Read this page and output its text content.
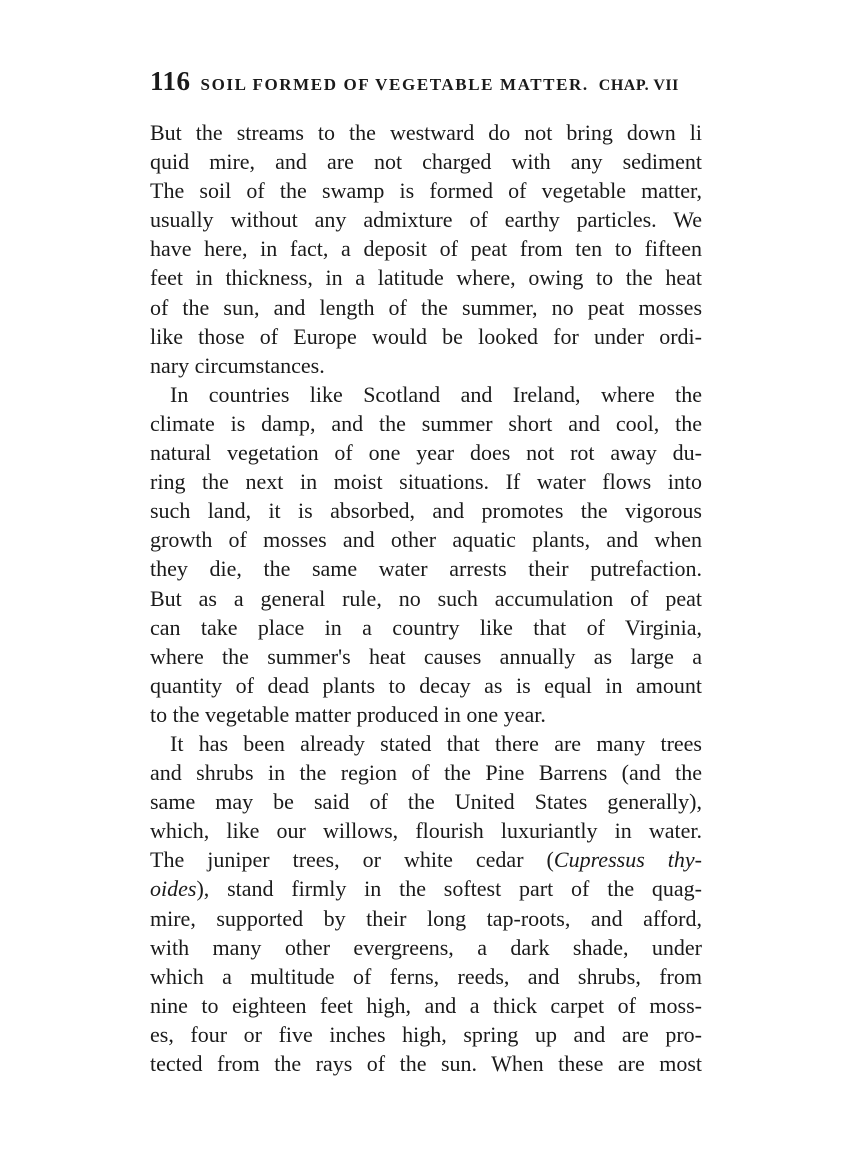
116 SOIL FORMED OF VEGETABLE MATTER. CHAP. VII
But the streams to the westward do not bring down li
quid mire, and are not charged with any sediment
The soil of the swamp is formed of vegetable matter,
usually without any admixture of earthy particles. We
have here, in fact, a deposit of peat from ten to fifteen
feet in thickness, in a latitude where, owing to the heat
of the sun, and length of the summer, no peat mosses
like those of Europe would be looked for under ordi-
nary circumstances.
In countries like Scotland and Ireland, where the
climate is damp, and the summer short and cool, the
natural vegetation of one year does not rot away du-
ring the next in moist situations. If water flows into
such land, it is absorbed, and promotes the vigorous
growth of mosses and other aquatic plants, and when
they die, the same water arrests their putrefaction.
But as a general rule, no such accumulation of peat
can take place in a country like that of Virginia,
where the summer's heat causes annually as large a
quantity of dead plants to decay as is equal in amount
to the vegetable matter produced in one year.
It has been already stated that there are many trees
and shrubs in the region of the Pine Barrens (and the
same may be said of the United States generally),
which, like our willows, flourish luxuriantly in water.
The juniper trees, or white cedar (Cupressus thy-
oides), stand firmly in the softest part of the quag-
mire, supported by their long tap-roots, and afford,
with many other evergreens, a dark shade, under
which a multitude of ferns, reeds, and shrubs, from
nine to eighteen feet high, and a thick carpet of moss-
es, four or five inches high, spring up and are pro-
tected from the rays of the sun. When these are most
